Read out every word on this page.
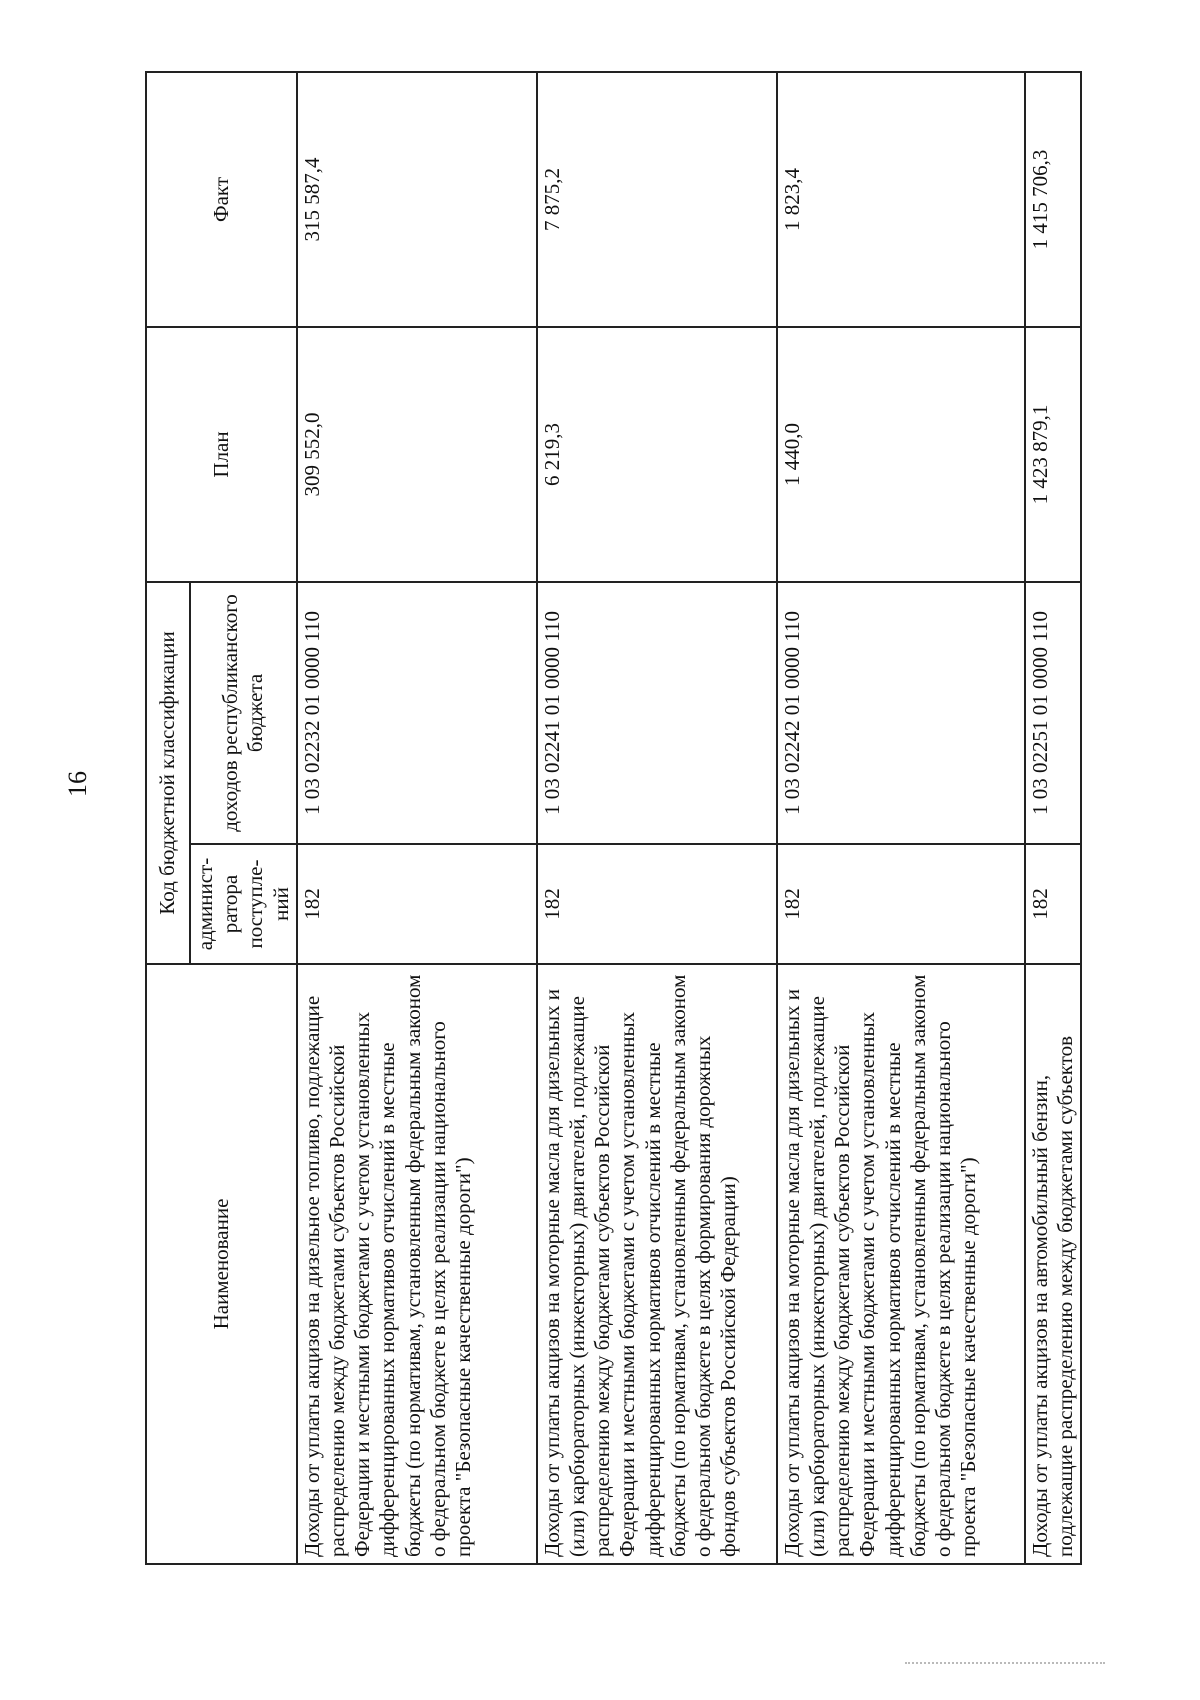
16
Наименование	Код бюджетной классификации		План	Факт
	админист-ратора поступле-ний	доходов республиканского бюджета		
Доходы от уплаты акцизов на дизельное топливо, подлежащие распределению между бюджетами субъектов Российской Федерации и местными бюджетами с учетом установленных дифференцированных нормативов отчислений в местные бюджеты (по нормативам, установленным федеральным законом о федеральном бюджете в целях реализации национального проекта "Безопасные качественные дороги")	182	1 03 02232 01 0000 110	309 552,0	315 587,4
Доходы от уплаты акцизов на моторные масла для дизельных и (или) карбюраторных (инжекторных) двигателей, подлежащие распределению между бюджетами субъектов Российской Федерации и местными бюджетами с учетом установленных дифференцированных нормативов отчислений в местные бюджеты (по нормативам, установленным федеральным законом о федеральном бюджете в целях формирования дорожных фондов субъектов Российской Федерации)	182	1 03 02241 01 0000 110	6 219,3	7 875,2
Доходы от уплаты акцизов на моторные масла для дизельных и (или) карбюраторных (инжекторных) двигателей, подлежащие распределению между бюджетами субъектов Российской Федерации и местными бюджетами с учетом установленных дифференцированных нормативов отчислений в местные бюджеты (по нормативам, установленным федеральным законом о федеральном бюджете в целях реализации национального проекта "Безопасные качественные дороги")	182	1 03 02242 01 0000 110	1 440,0	1 823,4
Доходы от уплаты акцизов на автомобильный бензин, подлежащие распределению между бюджетами субъектов	182	1 03 02251 01 0000 110	1 423 879,1	1 415 706,3
